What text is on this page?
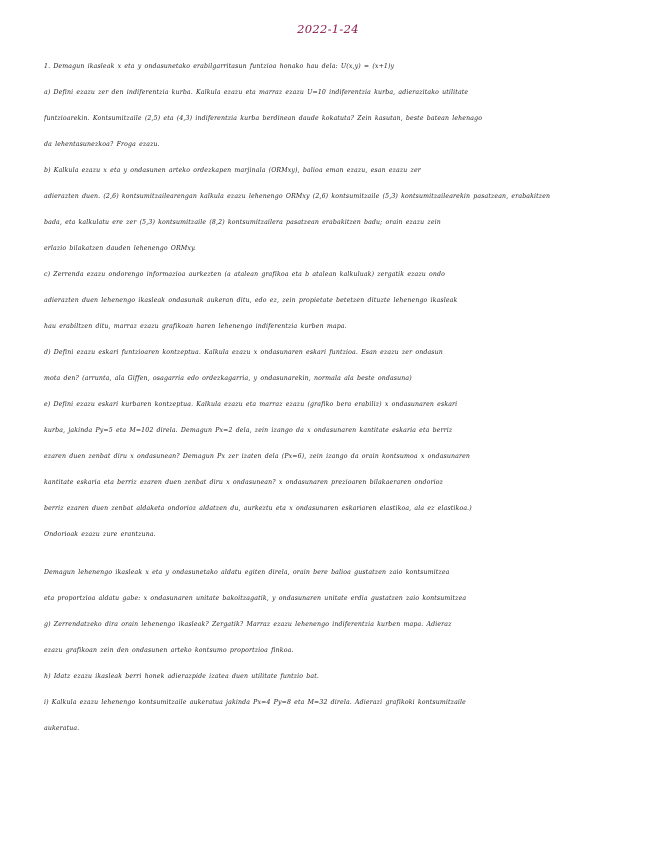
2022-1-24
1. Demagun ikasleak x eta y ondasunetako erabilgarritasun funtzioa honako hau dela: U(x,y) = (x+1)y
a) Defini ezazu zer den indiferentzia kurba. Kalkula ezazu eta marraz ezazu U=10 indiferentzia kurba, adierazitako utilitate
funtzioarekin. Kontsumitzaile (2,5) eta (4,3) indiferentzia kurba berdinean daude kokatuta? Zein kasutan, beste batean lehenago
da lehentasunezkoa? Froga ezazu.
b) Kalkula ezazu x eta y ondasunen arteko ordezkapen marjinala (ORMxy), balioa eman ezazu, esan ezazu zer
adierazten duen. (2,6) kontsumitzailearengan kalkula ezazu lehenengo ORMxy (2,6) kontsumitzaile (5,3) kontsumitzailearekin pasatzean, erabakitzen
bada, eta kalkulatu ere zer (5,3) kontsumitzaile (8,2) kontsumitzailera pasatzean erabakitzen badu; orain ezazu zein
erlazio bilakatzen dauden lehenengo ORMxy.
c) Zerrenda ezazu ondorengo informazioa aurkezten (a atalean grafikoa eta b atalean kalkuluak) zergatik ezazu ondo
adierazten duen lehenengo ikasleak ondasunak aukeran ditu, edo ez, zein propietate betetzen dituzte lehenengo ikasleak
hau erabiltzen ditu, marraz ezazu grafikoan haren lehenengo indiferentzia kurben mapa.
d) Defini ezazu eskari funtzioaren kontzeptua. Kalkula ezazu x ondasunaren eskari funtzioa. Esan ezazu zer ondasun
mota den? (arrunta, ala Giffen, osagarria edo ordezkagarria, y ondasunarekin, normala ala beste ondasuna)
e) Defini ezazu eskari kurbaren kontzeptua. Kalkula ezazu eta marraz ezazu (grafiko bera erabiliz) x ondasunaren eskari
kurba, jakinda Py=5 eta M=102 direla. Demagun Px=2 dela, zein izango da x ondasunaren kantitate eskaria eta berriz
ezaren duen zenbat diru x ondasunean? Demagun Px zer izaten dela (Px=6), zein izango da orain kontsumoa x ondasunaren
kantitate eskaria eta berriz ezaren duen zenbat diru x ondasunean? x ondasunaren prezioaren bilakaeraren ondorioz
berriz ezaren duen zenbat aldaketa ondorioz aldatzen du, aurkeztu eta x ondasunaren eskariaren elastikoa, ala ez elastikoa.)
Ondorioak ezazu zure erantzuna.
Demagun lehenengo ikasleak x eta y ondasunetako aldatu egiten direla, orain bere balioa gustatzen zaio kontsumitzea
eta proportzioa aldatu gabe: x ondasunaren unitate bakoitzagatik, y ondasunaren unitate erdia gustatzen zaio kontsumitzea
g) Zerrendatzeko dira orain lehenengo ikasleak? Zergatik? Marraz ezazu lehenengo indiferentzia kurben mapa. Adieraz
ezazu grafikoan zein den ondasunen arteko kontsumo proportzioa finkoa.
h) Idatz ezazu ikasleak berri honek adierazpide izatea duen utilitate funtzio bat.
i) Kalkula ezazu lehenengo kontsumitzaile aukeratua jakinda Px=4 Py=8 eta M=32 direla. Adierazi grafikoki kontsumitzaile
aukeratua.
